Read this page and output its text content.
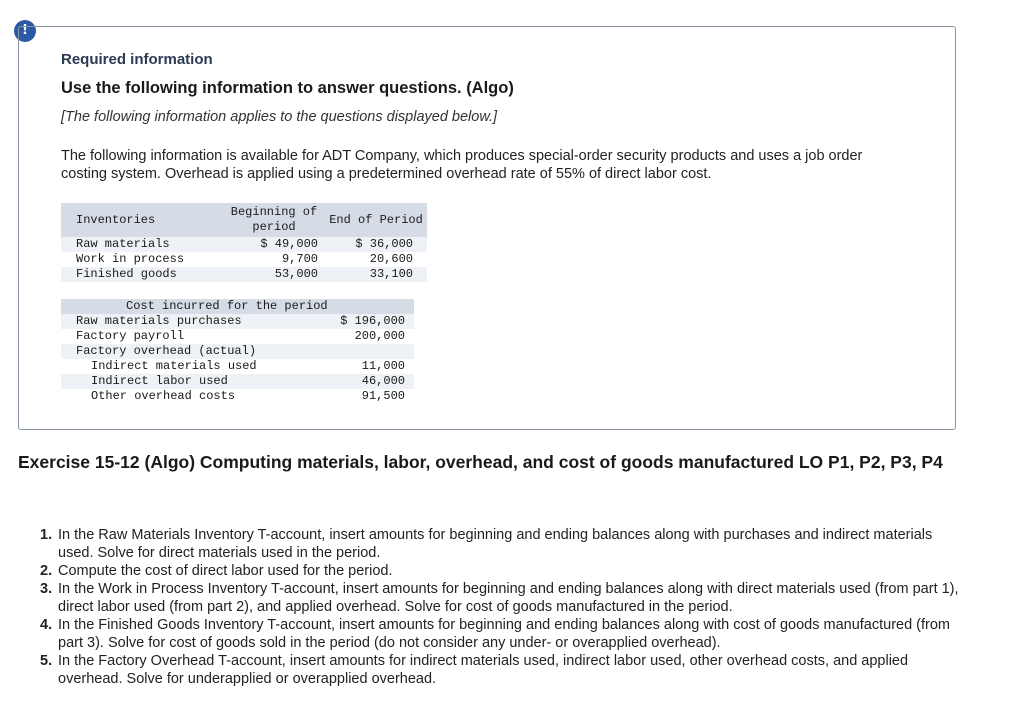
!
Required information
Use the following information to answer questions. (Algo)
[The following information applies to the questions displayed below.]
The following information is available for ADT Company, which produces special-order security products and uses a job order costing system. Overhead is applied using a predetermined overhead rate of 55% of direct labor cost.
Inventories	Beginning of period	End of Period
Raw materials	$ 49,000	$ 36,000
Work in process	9,700	20,600
Finished goods	53,000	33,100
Cost incurred for the period	
Raw materials purchases	$ 196,000
Factory payroll	200,000
Factory overhead (actual)	
Indirect materials used	11,000
Indirect labor used	46,000
Other overhead costs	91,500
Exercise 15-12 (Algo) Computing materials, labor, overhead, and cost of goods manufactured LO P1, P2, P3, P4
1. In the Raw Materials Inventory T-account, insert amounts for beginning and ending balances along with purchases and indirect materials used. Solve for direct materials used in the period.
2. Compute the cost of direct labor used for the period.
3. In the Work in Process Inventory T-account, insert amounts for beginning and ending balances along with direct materials used (from part 1), direct labor used (from part 2), and applied overhead. Solve for cost of goods manufactured in the period.
4. In the Finished Goods Inventory T-account, insert amounts for beginning and ending balances along with cost of goods manufactured (from part 3). Solve for cost of goods sold in the period (do not consider any under- or overapplied overhead).
5. In the Factory Overhead T-account, insert amounts for indirect materials used, indirect labor used, other overhead costs, and applied overhead. Solve for underapplied or overapplied overhead.
